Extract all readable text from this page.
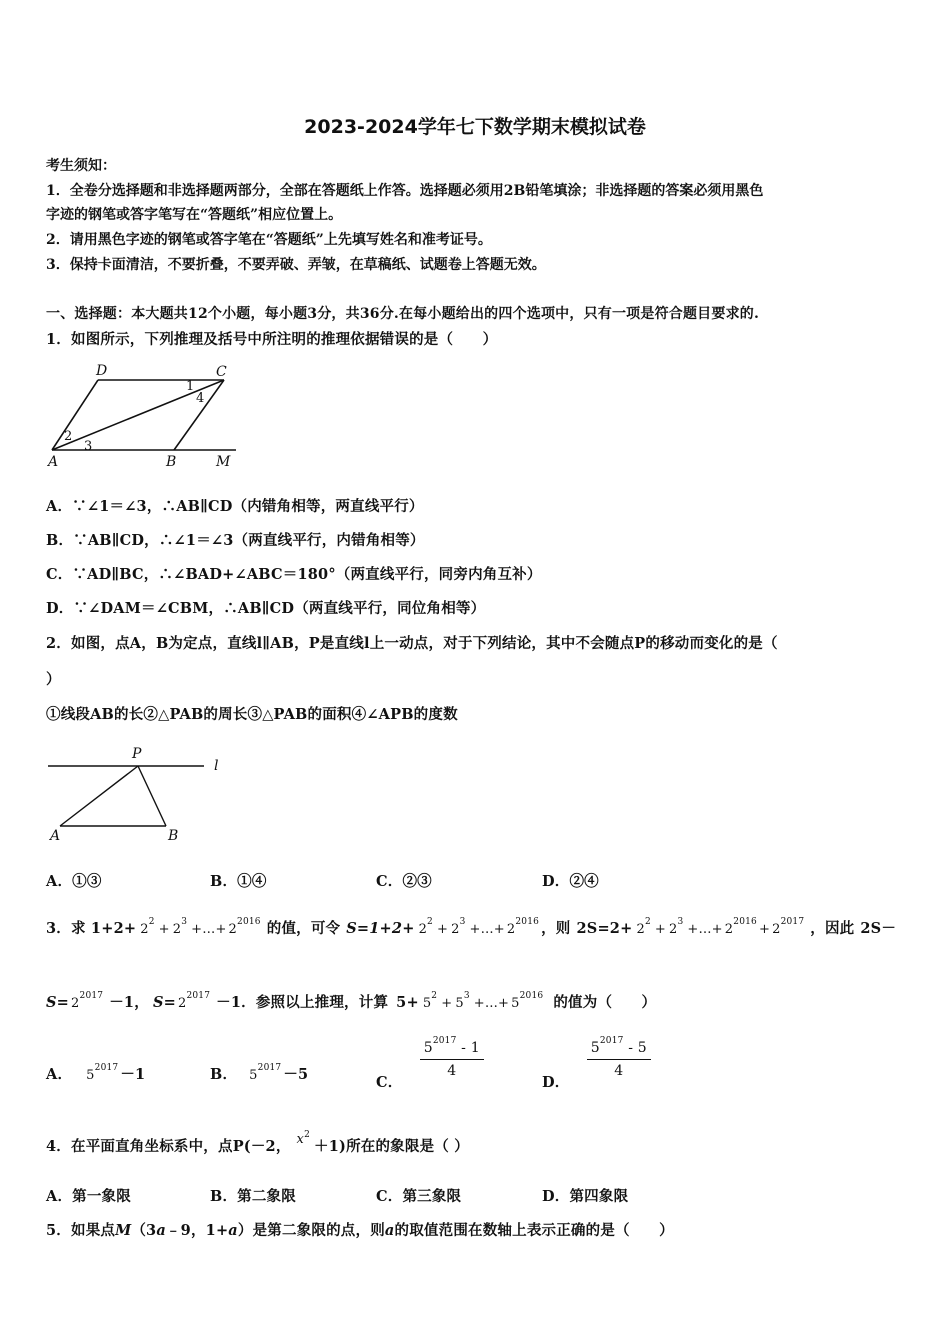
2023-2024学年七下数学期末模拟试卷
考生须知：
1．全卷分选择题和非选择题两部分，全部在答题纸上作答。选择题必须用2B铅笔填涂；非选择题的答案必须用黑色
字迹的钢笔或答字笔写在“答题纸”相应位置上。
2．请用黑色字迹的钢笔或答字笔在“答题纸”上先填写姓名和准考证号。
3．保持卡面清洁，不要折叠，不要弄破、弄皱，在草稿纸、试题卷上答题无效。
一、选择题：本大题共12个小题，每小题3分，共36分.在每小题给出的四个选项中，只有一项是符合题目要求的.
1．如图所示，下列推理及括号中所注明的推理依据错误的是（　　）
D	C
A	B	M
1
2
3
4
A．∵∠1＝∠3，∴AB∥CD（内错角相等，两直线平行）
B．∵AB∥CD，∴∠1＝∠3（两直线平行，内错角相等）
C．∵AD∥BC，∴∠BAD+∠ABC＝180°（两直线平行，同旁内角互补）
D．∵∠DAM＝∠CBM，∴AB∥CD（两直线平行，同位角相等）
2．如图，点A，B为定点，直线l∥AB，P是直线l上一动点，对于下列结论，其中不会随点P的移动而变化的是（
）
①线段AB的长②△PAB的周长③△PAB的面积④∠APB的度数
P
l
A	B
A．①③	B．①④	C．②③	D．②④
3．求 $1+2+ 2^2 + 2^3$ +…+ $2^{2016}$ 的值，可令 $S=1+2+ 2^2 + 2^3$ +…+ $2^{2016}$ ，则 $2S=2+ 2^2 + 2^3$ +…+ $2^{2016} + 2^{2017}$ ，因此 2S－
$S= 2^{2017} -1$， $S= 2^{2017} -1$．参照以上推理，计算 $5+ 5^2 + 5^3$ +…+ $5^{2016}$ 的值为（　　）
A． $5^{2017} -1$	B． $5^{2017} -5$	C．
$\frac{5^{2017} - 1}{4}$
D．
$\frac{5^{2017} - 5}{4}$
4．在平面直角坐标系中，点P(－2， $x^2+1$)所在的象限是（ ）
A．第一象限	B．第二象限	C．第三象限	D．第四象限
5．如果点M（3a﹣9，1+a）是第二象限的点，则a的取值范围在数轴上表示正确的是（　　）
